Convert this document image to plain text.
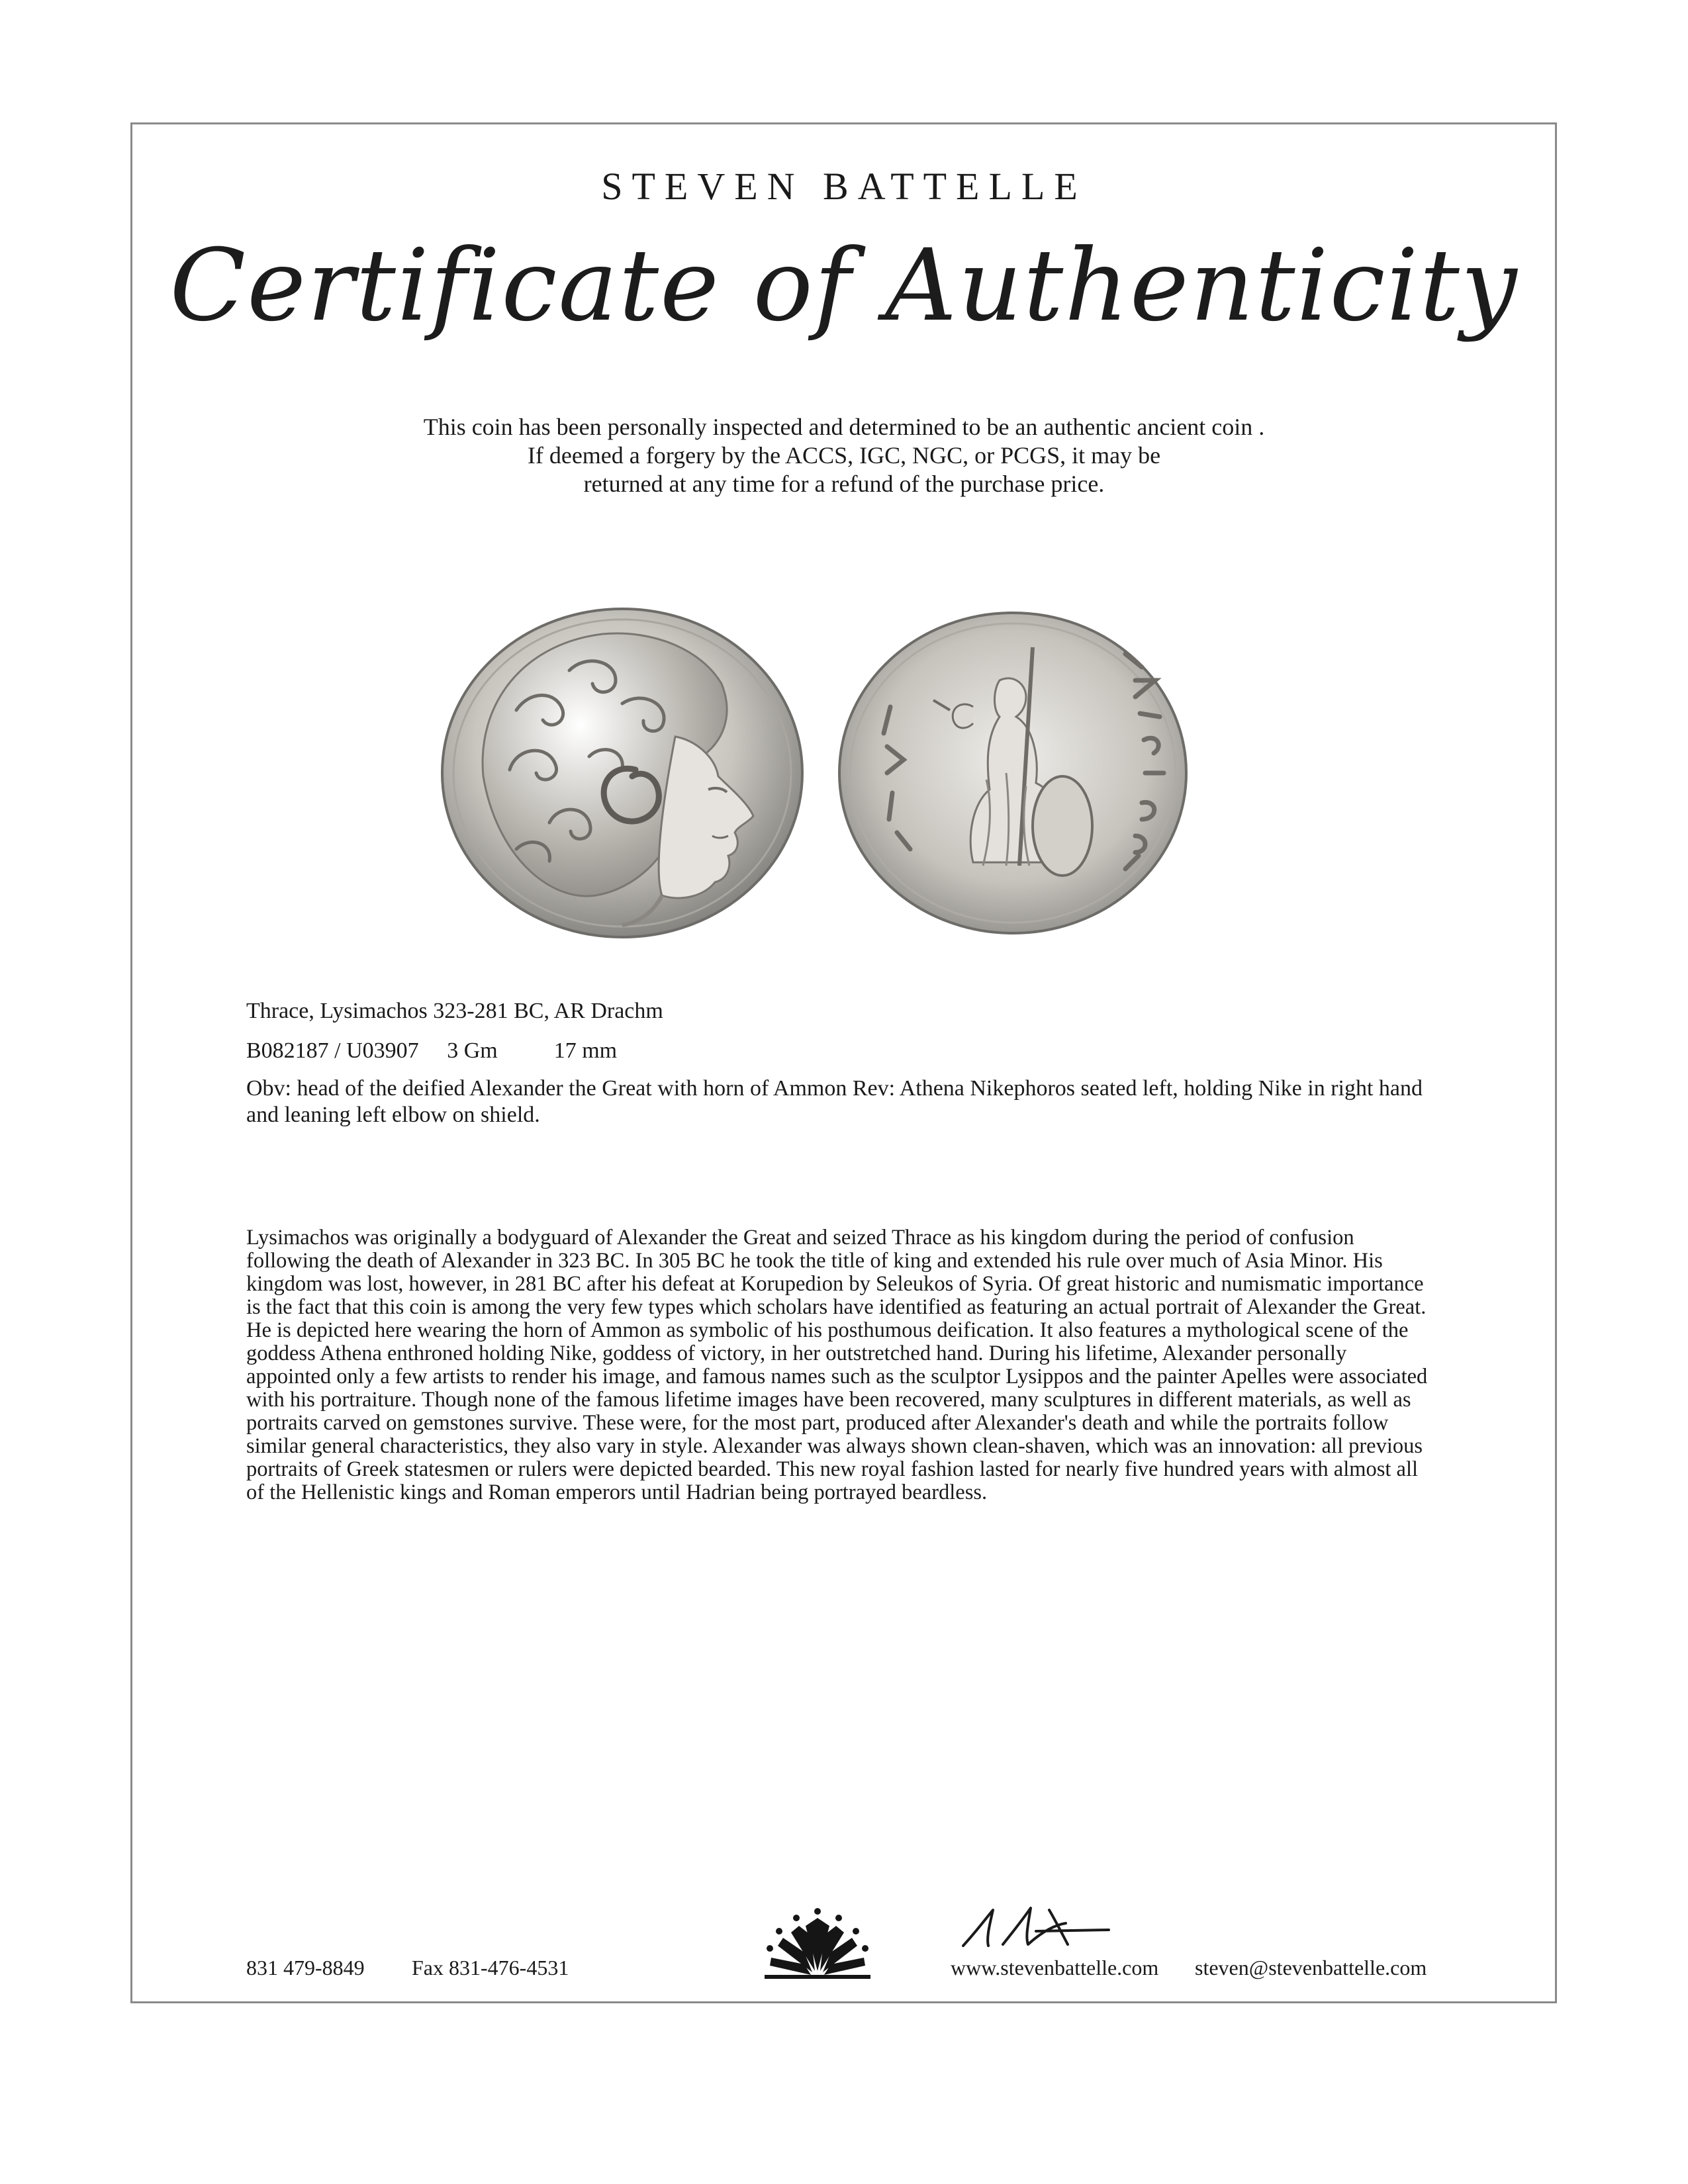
STEVEN BATTELLE
Certificate of Authenticity
This coin has been personally inspected and determined to be an authentic ancient coin .
If deemed a forgery by the ACCS, IGC, NGC, or PCGS, it may be
returned at any time for a refund of the purchase price.
Thrace, Lysimachos 323-281 BC, AR Drachm
B082187 / U03907 3 Gm	17 mm
Obv: head of the deified Alexander the Great with horn of Ammon Rev: Athena Nikephoros seated left, holding Nike in right hand and leaning left elbow on shield.
Lysimachos was originally a bodyguard of Alexander the Great and seized Thrace as his kingdom during the period of confusion following the death of Alexander in 323 BC. In 305 BC he took the title of king and extended his rule over much of Asia Minor. His kingdom was lost, however, in 281 BC after his defeat at Korupedion by Seleukos of Syria. Of great historic and numismatic importance is the fact that this coin is among the very few types which scholars have identified as featuring an actual portrait of Alexander the Great. He is depicted here wearing the horn of Ammon as symbolic of his posthumous deification. It also features a mythological scene of the goddess Athena enthroned holding Nike, goddess of victory, in her outstretched hand. During his lifetime, Alexander personally appointed only a few artists to render his image, and famous names such as the sculptor Lysippos and the painter Apelles were associated with his portraiture. Though none of the famous lifetime images have been recovered, many sculptures in different materials, as well as portraits carved on gemstones survive. These were, for the most part, produced after Alexander's death and while the portraits follow similar general characteristics, they also vary in style. Alexander was always shown clean-shaven, which was an innovation: all previous portraits of Greek statesmen or rulers were depicted bearded. This new royal fashion lasted for nearly five hundred years with almost all of the Hellenistic kings and Roman emperors until Hadrian being portrayed beardless.
831 479-8849 Fax 831-476-4531	www.stevenbattelle.com steven@stevenbattelle.com
